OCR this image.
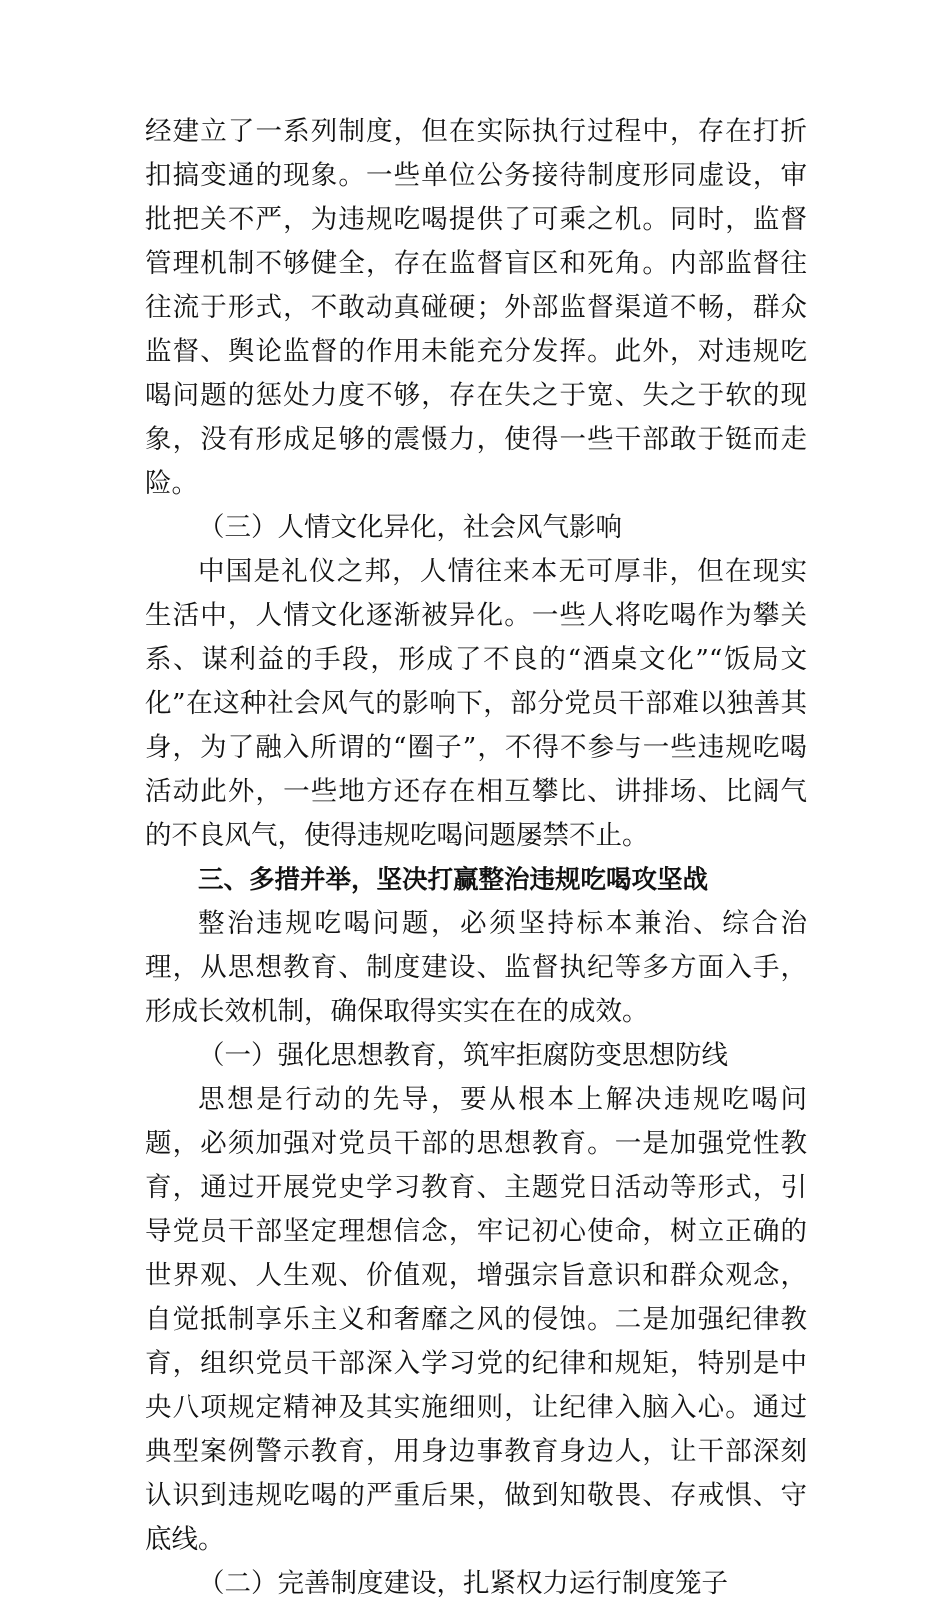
经建立了一系列制度，但在实际执行过程中，存在打折扣搞变通的现象。一些单位公务接待制度形同虚设，审批把关不严，为违规吃喝提供了可乘之机。同时，监督管理机制不够健全，存在监督盲区和死角。内部监督往往流于形式，不敢动真碰硬；外部监督渠道不畅，群众监督、舆论监督的作用未能充分发挥。此外，对违规吃喝问题的惩处力度不够，存在失之于宽、失之于软的现象，没有形成足够的震慑力，使得一些干部敢于铤而走险。

（三）人情文化异化，社会风气影响

中国是礼仪之邦，人情往来本无可厚非，但在现实生活中，人情文化逐渐被异化。一些人将吃喝作为攀关系、谋利益的手段，形成了不良的“酒桌文化”“饭局文化”在这种社会风气的影响下，部分党员干部难以独善其身，为了融入所谓的“圈子”，不得不参与一些违规吃喝活动此外，一些地方还存在相互攀比、讲排场、比阔气的不良风气，使得违规吃喝问题屡禁不止。

三、多措并举，坚决打赢整治违规吃喝攻坚战

整治违规吃喝问题，必须坚持标本兼治、综合治理，从思想教育、制度建设、监督执纪等多方面入手，形成长效机制，确保取得实实在在的成效。

（一）强化思想教育，筑牢拒腐防变思想防线

思想是行动的先导，要从根本上解决违规吃喝问题，必须加强对党员干部的思想教育。一是加强党性教育，通过开展党史学习教育、主题党日活动等形式，引导党员干部坚定理想信念，牢记初心使命，树立正确的世界观、人生观、价值观，增强宗旨意识和群众观念，自觉抵制享乐主义和奢靡之风的侵蚀。二是加强纪律教育，组织党员干部深入学习党的纪律和规矩，特别是中央八项规定精神及其实施细则，让纪律入脑入心。通过典型案例警示教育，用身边事教育身边人，让干部深刻认识到违规吃喝的严重后果，做到知敬畏、存戒惧、守底线。

（二）完善制度建设，扎紧权力运行制度笼子
